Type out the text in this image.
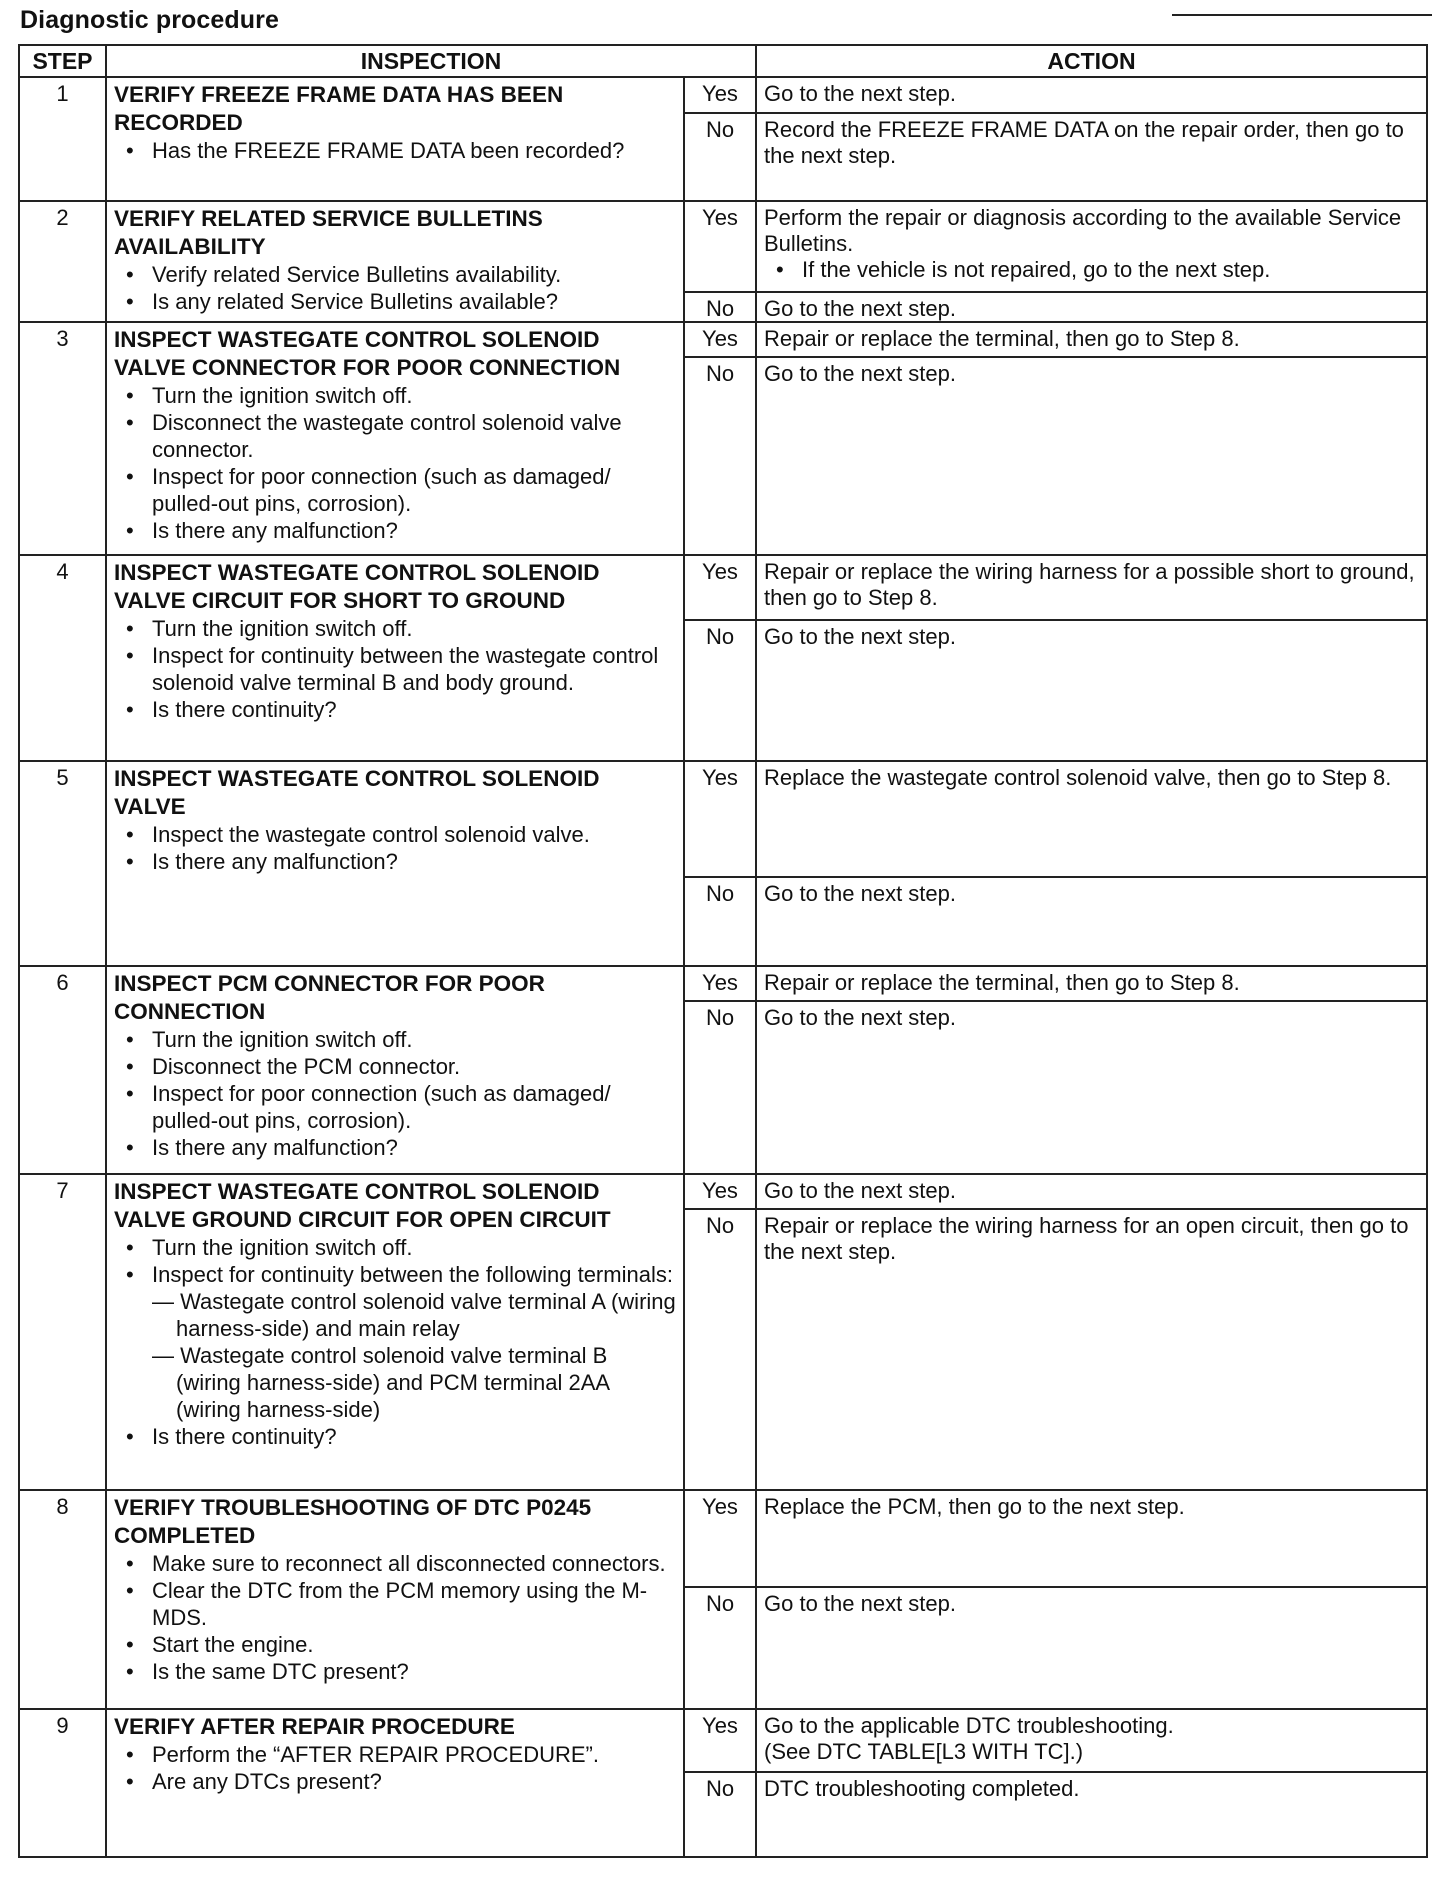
Diagnostic procedure
STEP	INSPECTION	ACTION
1	VERIFY FREEZE FRAME DATA HAS BEEN RECORDED
• Has the FREEZE FRAME DATA been recorded?
Yes	Go to the next step.
No	Record the FREEZE FRAME DATA on the repair order, then go to the next step.
2	VERIFY RELATED SERVICE BULLETINS AVAILABILITY
• Verify related Service Bulletins availability.
• Is any related Service Bulletins available?
Yes	Perform the repair or diagnosis according to the available Service Bulletins.
• If the vehicle is not repaired, go to the next step.
No	Go to the next step.
3	INSPECT WASTEGATE CONTROL SOLENOID VALVE CONNECTOR FOR POOR CONNECTION
• Turn the ignition switch off.
• Disconnect the wastegate control solenoid valve connector.
• Inspect for poor connection (such as damaged/ pulled-out pins, corrosion).
• Is there any malfunction?
Yes	Repair or replace the terminal, then go to Step 8.
No	Go to the next step.
4	INSPECT WASTEGATE CONTROL SOLENOID VALVE CIRCUIT FOR SHORT TO GROUND
• Turn the ignition switch off.
• Inspect for continuity between the wastegate control solenoid valve terminal B and body ground.
• Is there continuity?
Yes	Repair or replace the wiring harness for a possible short to ground, then go to Step 8.
No	Go to the next step.
5	INSPECT WASTEGATE CONTROL SOLENOID VALVE
• Inspect the wastegate control solenoid valve.
• Is there any malfunction?
Yes	Replace the wastegate control solenoid valve, then go to Step 8.
No	Go to the next step.
6	INSPECT PCM CONNECTOR FOR POOR CONNECTION
• Turn the ignition switch off.
• Disconnect the PCM connector.
• Inspect for poor connection (such as damaged/ pulled-out pins, corrosion).
• Is there any malfunction?
Yes	Repair or replace the terminal, then go to Step 8.
No	Go to the next step.
7	INSPECT WASTEGATE CONTROL SOLENOID VALVE GROUND CIRCUIT FOR OPEN CIRCUIT
• Turn the ignition switch off.
• Inspect for continuity between the following terminals:
— Wastegate control solenoid valve terminal A (wiring harness-side) and main relay
— Wastegate control solenoid valve terminal B (wiring harness-side) and PCM terminal 2AA (wiring harness-side)
• Is there continuity?
Yes	Go to the next step.
No	Repair or replace the wiring harness for an open circuit, then go to the next step.
8	VERIFY TROUBLESHOOTING OF DTC P0245 COMPLETED
• Make sure to reconnect all disconnected connectors.
• Clear the DTC from the PCM memory using the M-MDS.
• Start the engine.
• Is the same DTC present?
Yes	Replace the PCM, then go to the next step.
No	Go to the next step.
9	VERIFY AFTER REPAIR PROCEDURE
• Perform the “AFTER REPAIR PROCEDURE”.
• Are any DTCs present?
Yes	Go to the applicable DTC troubleshooting.
(See DTC TABLE[L3 WITH TC].)
No	DTC troubleshooting completed.
